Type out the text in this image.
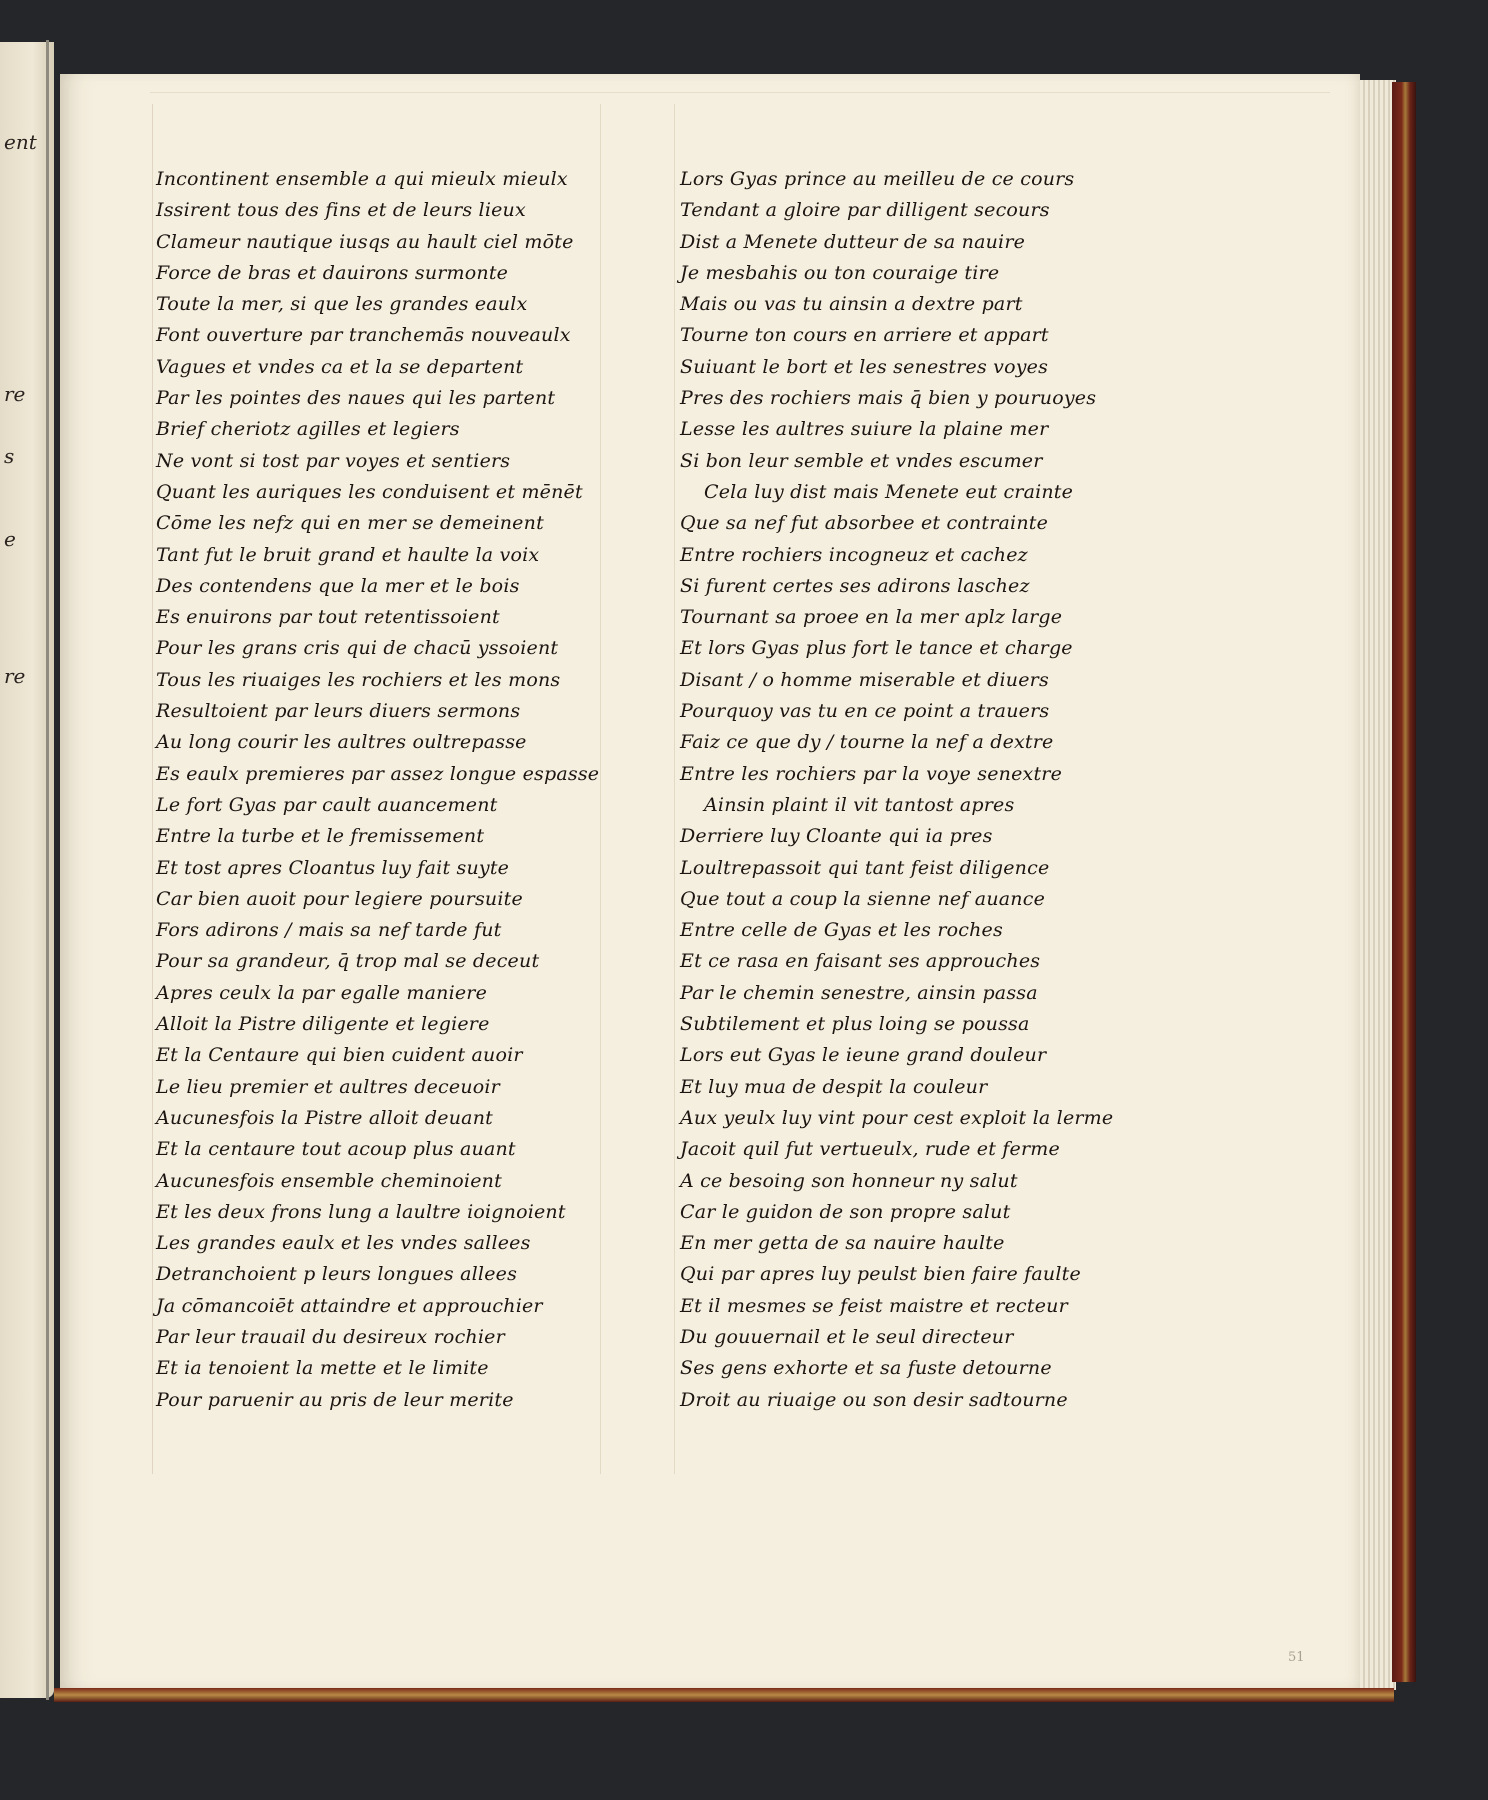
ent
re
s
e
re
Incontinent ensemble a qui mieulx mieulx
Issirent tous des fins et de leurs lieux
Clameur nautique iusqs au hault ciel mōte
Force de bras et dauirons surmonte
Toute la mer, si que les grandes eaulx
Font ouverture par tranchemās nouveaulx
Vagues et vndes ca et la se departent
Par les pointes des naues qui les partent
Brief cheriotz agilles et legiers
Ne vont si tost par voyes et sentiers
Quant les auriques les conduisent et mēnēt
Cōme les nefz qui en mer se demeinent
Tant fut le bruit grand et haulte la voix
Des contendens que la mer et le bois
Es enuirons par tout retentissoient
Pour les grans cris qui de chacū yssoient
Tous les riuaiges les rochiers et les mons
Resultoient par leurs diuers sermons
Au long courir les aultres oultrepasse
Es eaulx premieres par assez longue espasse
Le fort Gyas par cault auancement
Entre la turbe et le fremissement
Et tost apres Cloantus luy fait suyte
Car bien auoit pour legiere poursuite
Fors adirons / mais sa nef tarde fut
Pour sa grandeur, q̄ trop mal se deceut
Apres ceulx la par egalle maniere
Alloit la Pistre diligente et legiere
Et la Centaure qui bien cuident auoir
Le lieu premier et aultres deceuoir
Aucunesfois la Pistre alloit deuant
Et la centaure tout acoup plus auant
Aucunesfois ensemble cheminoient
Et les deux frons lung a laultre ioignoient
Les grandes eaulx et les vndes sallees
Detranchoient p leurs longues allees
Ja cōmancoiēt attaindre et approuchier
Par leur trauail du desireux rochier
Et ia tenoient la mette et le limite
Pour paruenir au pris de leur merite
Lors Gyas prince au meilleu de ce cours
Tendant a gloire par dilligent secours
Dist a Menete dutteur de sa nauire
Je mesbahis ou ton couraige tire
Mais ou vas tu ainsin a dextre part
Tourne ton cours en arriere et appart
Suiuant le bort et les senestres voyes
Pres des rochiers mais q̄ bien y pouruoyes
Lesse les aultres suiure la plaine mer
Si bon leur semble et vndes escumer
Cela luy dist mais Menete eut crainte
Que sa nef fut absorbee et contrainte
Entre rochiers incogneuz et cachez
Si furent certes ses adirons laschez
Tournant sa proee en la mer aplz large
Et lors Gyas plus fort le tance et charge
Disant / o homme miserable et diuers
Pourquoy vas tu en ce point a trauers
Faiz ce que dy / tourne la nef a dextre
Entre les rochiers par la voye senextre
Ainsin plaint il vit tantost apres
Derriere luy Cloante qui ia pres
Loultrepassoit qui tant feist diligence
Que tout a coup la sienne nef auance
Entre celle de Gyas et les roches
Et ce rasa en faisant ses approuches
Par le chemin senestre, ainsin passa
Subtilement et plus loing se poussa
Lors eut Gyas le ieune grand douleur
Et luy mua de despit la couleur
Aux yeulx luy vint pour cest exploit la lerme
Jacoit quil fut vertueulx, rude et ferme
A ce besoing son honneur ny salut
Car le guidon de son propre salut
En mer getta de sa nauire haulte
Qui par apres luy peulst bien faire faulte
Et il mesmes se feist maistre et recteur
Du gouuernail et le seul directeur
Ses gens exhorte et sa fuste detourne
Droit au riuaige ou son desir sadtourne
51
